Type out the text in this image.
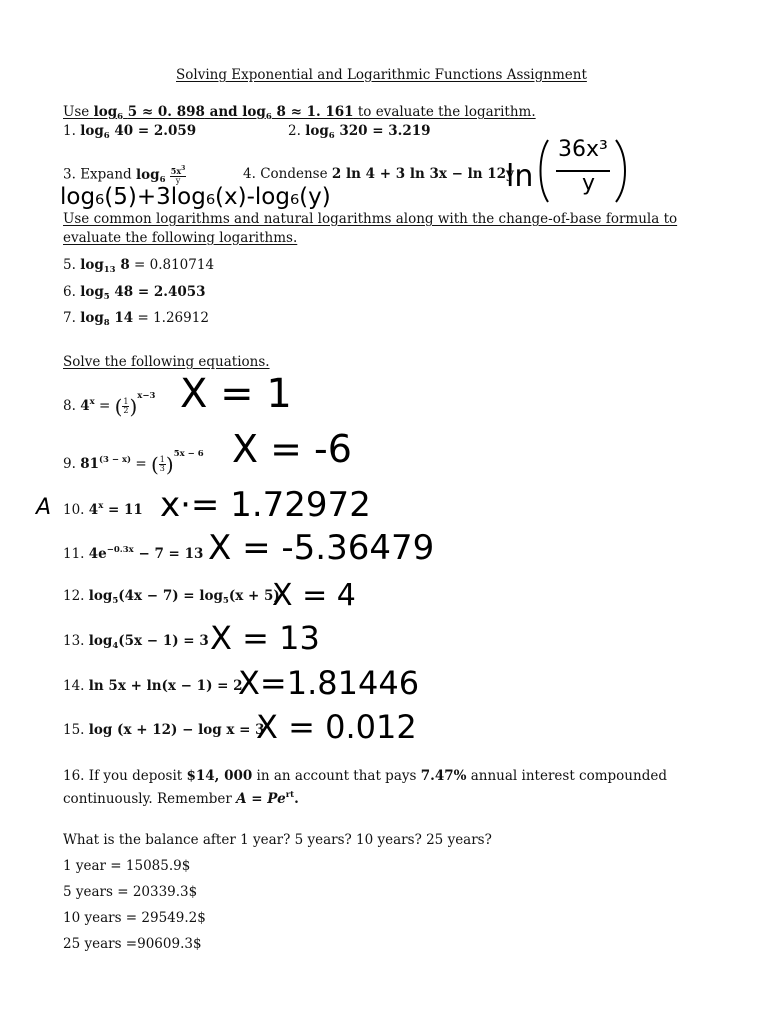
Solving Exponential and Logarithmic Functions Assignment
Use $\log_6 5 \approx 0$. 898 and $\log_6 8 \approx 1$. 161 to evaluate the logarithm.
1. $\log_6 40 = 2.059$	2. $\log_6 320 = 3.219$
3. Expand $\log_6 \frac{5x^3}{y}$	4. Condense 2 ln 4 + 3 ln 3x − ln 12y
ln
36x³
y
log₆(5)+3log₆(x)-log₆(y)
Use common logarithms and natural logarithms along with the change-of-base formula to
evaluate the following logarithms.
5. $\log_{13} 8 = 0.810714$
6. $\log_5 48 = 2.4053$
7. $\log_8 14 = 1.26912$
Solve the following equations.
8. $4^x$ = ( $\frac{1}{2} )^{x-3}$ X = 1
9. $81^{(3 - x)}$ = ( $\frac{1}{3} )^{5x - 6}$ X = -6
A 10. $4^x = 11$ x·= 1.72972
11. $4e^{-0.3x} - 7 = 13$ X = -5.36479
12. $\log_5(4x - 7) = \log_5(x + 5)$
X = 4
13. $\log_4(5x - 1) = 3$ X = 13
14. ln 5x + ln(x − 1) = 2
X=1.81446
15. log (x + 12) − log x = 3
X = 0.012
16. If you deposit $14, 000 in an account that pays 7.47% annual interest compounded
continuously. Remember $A = Pe^{rt}$.
What is the balance after 1 year? 5 years? 10 years? 25 years?
1 year = 15085.9$
5 years = 20339.3$
10 years = 29549.2$
25 years =90609.3$
